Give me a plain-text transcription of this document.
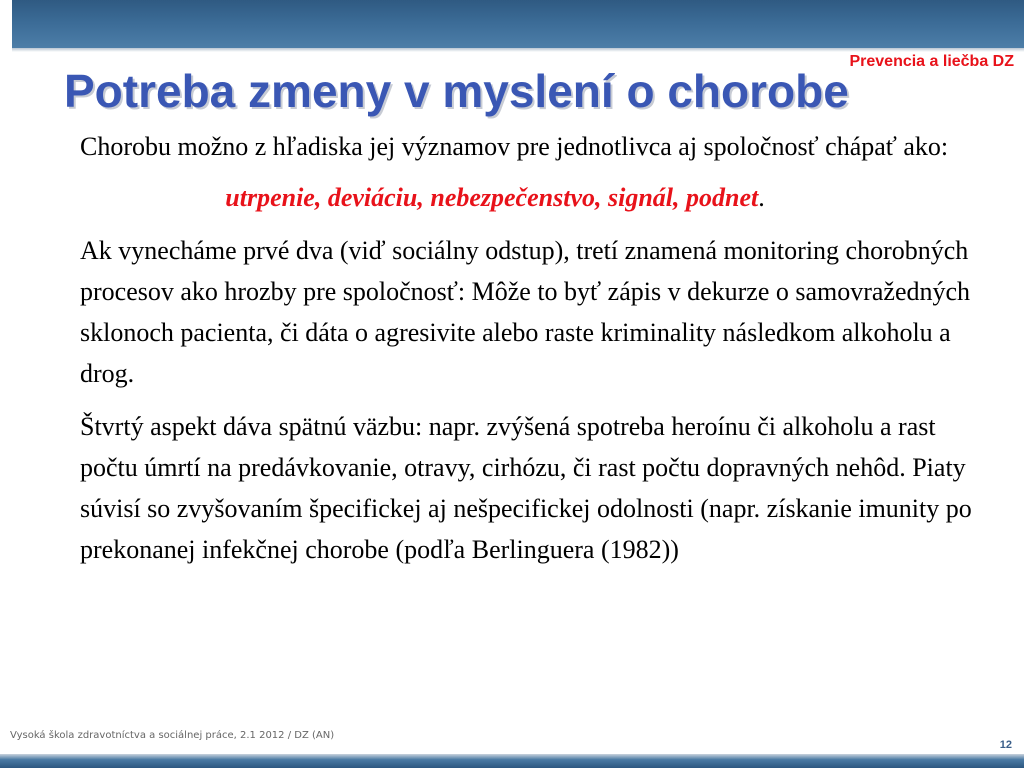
Prevencia a liečba DZ
Potreba zmeny v myslení o chorobe

Chorobu možno z hľadiska jej významov pre jednotlivca aj spoločnosť chápať ako:

utrpenie, deviáciu, nebezpečenstvo, signál, podnet.

Ak vynecháme prvé dva (viď sociálny odstup), tretí znamená monitoring chorobných procesov ako hrozby pre spoločnosť: Môže to byť zápis v dekurze o samovražedných sklonoch pacienta, či dáta o agresivite alebo raste kriminality následkom alkoholu a drog.

Štvrtý aspekt dáva spätnú väzbu: napr. zvýšená spotreba heroínu či alkoholu a rast počtu úmrtí na predávkovanie, otravy, cirhózu, či rast počtu dopravných nehôd. Piaty súvisí so zvyšovaním špecifickej aj nešpecifickej odolnosti (napr. získanie imunity po prekonanej infekčnej chorobe (podľa Berlinguera (1982))

Vysoká škola zdravotníctva a sociálnej práce, 2.1 2012 / DZ (AN)
12
